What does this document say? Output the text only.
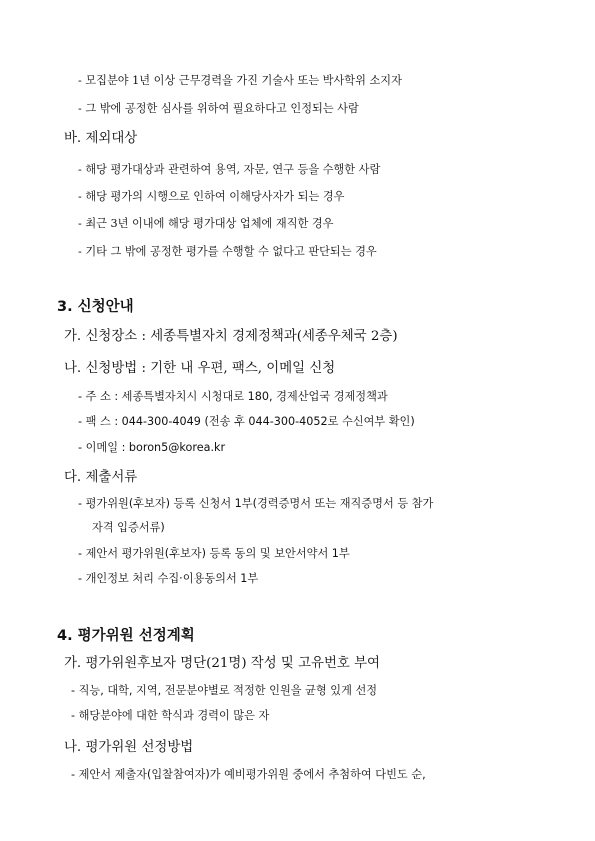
- 모집분야 1년 이상 근무경력을 가진 기술사 또는 박사학위 소지자
- 그 밖에 공정한 심사를 위하여 필요하다고 인정되는 사람
바. 제외대상
- 해당 평가대상과 관련하여 용역, 자문, 연구 등을 수행한 사람
- 해당 평가의 시행으로 인하여 이해당사자가 되는 경우
- 최근 3년 이내에 해당 평가대상 업체에 재직한 경우
- 기타 그 밖에 공정한 평가를 수행할 수 없다고 판단되는 경우
3. 신청안내
가. 신청장소 : 세종특별자치 경제정책과(세종우체국 2층)
나. 신청방법 : 기한 내 우편, 팩스, 이메일 신청
- 주 소 : 세종특별자치시 시청대로 180, 경제산업국 경제정책과
- 팩 스 : 044-300-4049 (전송 후 044-300-4052로 수신여부 확인)
- 이메일 : boron5@korea.kr
다. 제출서류
- 평가위원(후보자) 등록 신청서 1부(경력증명서 또는 재직증명서 등 참가
자격 입증서류)
- 제안서 평가위원(후보자) 등록 동의 및 보안서약서 1부
- 개인정보 처리 수집·이용동의서 1부
4. 평가위원 선정계획
가. 평가위원후보자 명단(21명) 작성 및 고유번호 부여
- 직능, 대학, 지역, 전문분야별로 적정한 인원을 균형 있게 선정
- 해당분야에 대한 학식과 경력이 많은 자
나. 평가위원 선정방법
- 제안서 제출자(입찰참여자)가 예비평가위원 중에서 추첨하여 다빈도 순,
